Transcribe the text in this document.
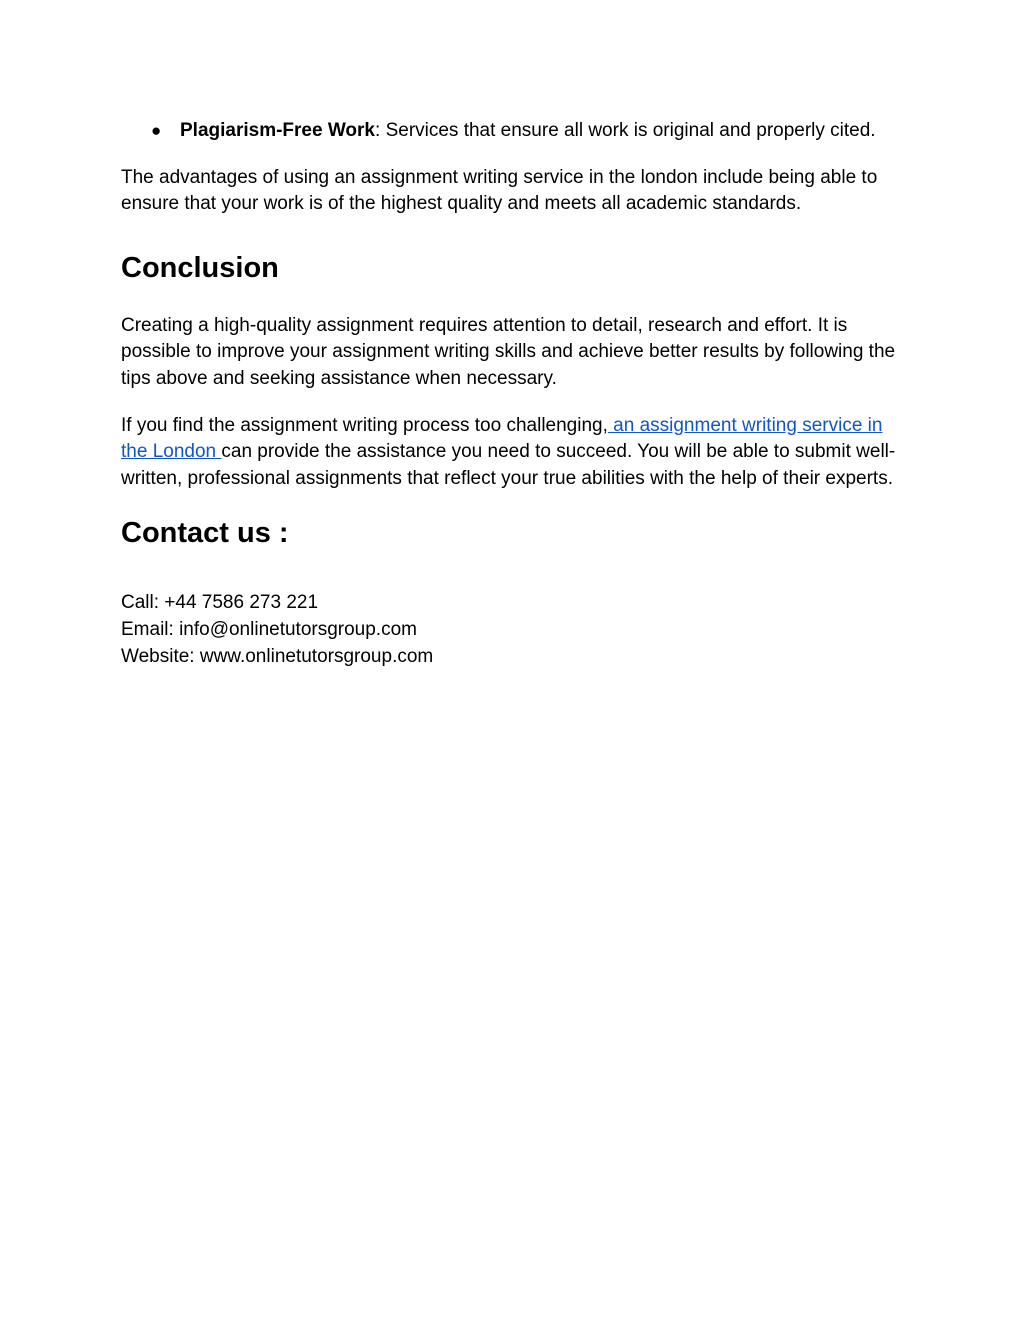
● Plagiarism-Free Work: Services that ensure all work is original and properly cited.

The advantages of using an assignment writing service in the london include being able to ensure that your work is of the highest quality and meets all academic standards.

Conclusion

Creating a high-quality assignment requires attention to detail, research and effort. It is possible to improve your assignment writing skills and achieve better results by following the tips above and seeking assistance when necessary.

If you find the assignment writing process too challenging, an assignment writing service in the London can provide the assistance you need to succeed. You will be able to submit well-written, professional assignments that reflect your true abilities with the help of their experts.

Contact us :
Call: +44 7586 273 221
Email: info@onlinetutorsgroup.com
Website: www.onlinetutorsgroup.com
